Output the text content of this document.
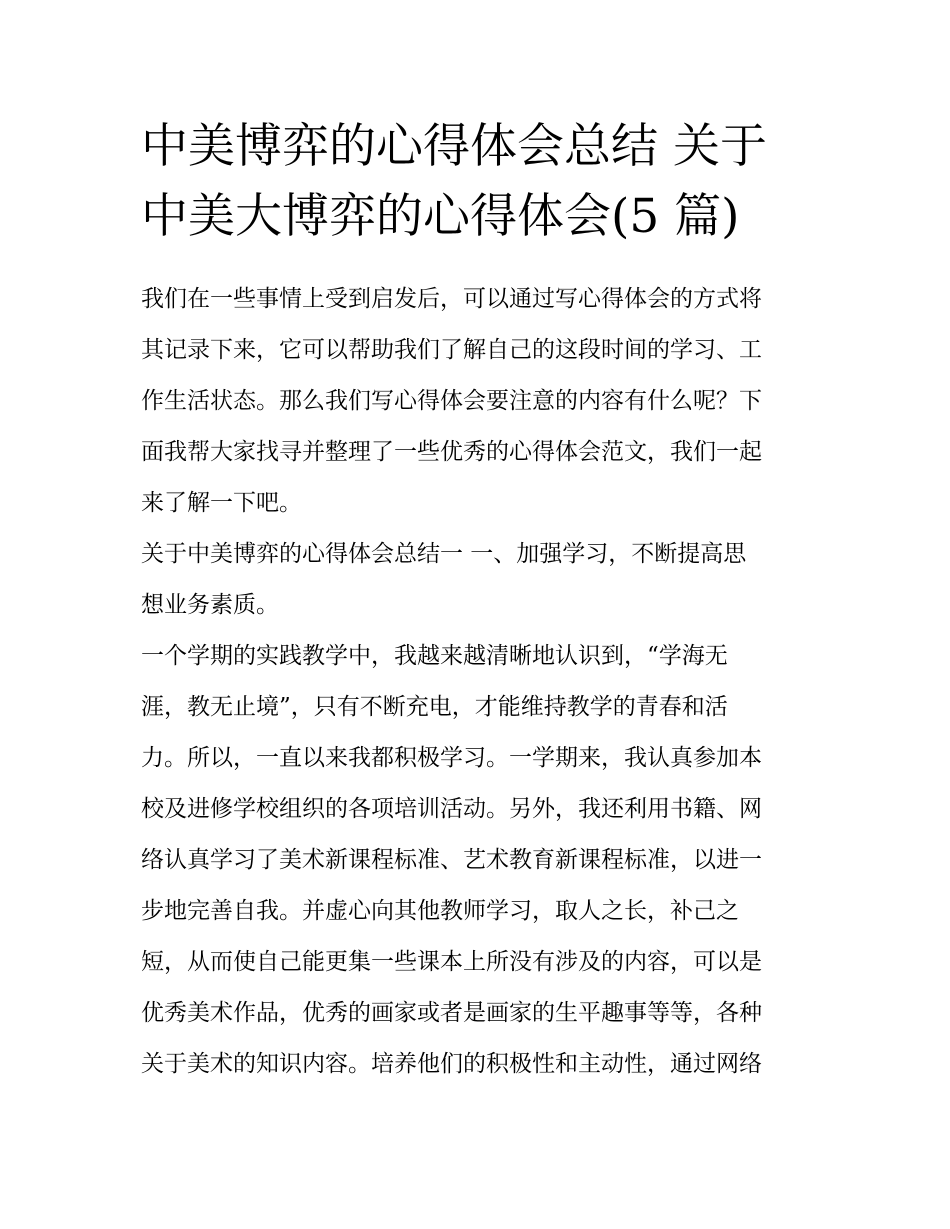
中美博弈的心得体会总结 关于
中美大博弈的心得体会(5 篇)

我们在一些事情上受到启发后，可以通过写心得体会的方式将
其记录下来，它可以帮助我们了解自己的这段时间的学习、工
作生活状态。那么我们写心得体会要注意的内容有什么呢？下
面我帮大家找寻并整理了一些优秀的心得体会范文，我们一起
来了解一下吧。

关于中美博弈的心得体会总结一 一、加强学习，不断提高思
想业务素质。

一个学期的实践教学中，我越来越清晰地认识到，“学海无
涯，教无止境”，只有不断充电，才能维持教学的青春和活
力。所以，一直以来我都积极学习。一学期来，我认真参加本
校及进修学校组织的各项培训活动。另外，我还利用书籍、网
络认真学习了美术新课程标准、艺术教育新课程标准，以进一
步地完善自我。并虚心向其他教师学习，取人之长，补己之
短，从而使自己能更集一些课本上所没有涉及的内容，可以是
优秀美术作品，优秀的画家或者是画家的生平趣事等等，各种
关于美术的知识内容。培养他们的积极性和主动性，通过网络
